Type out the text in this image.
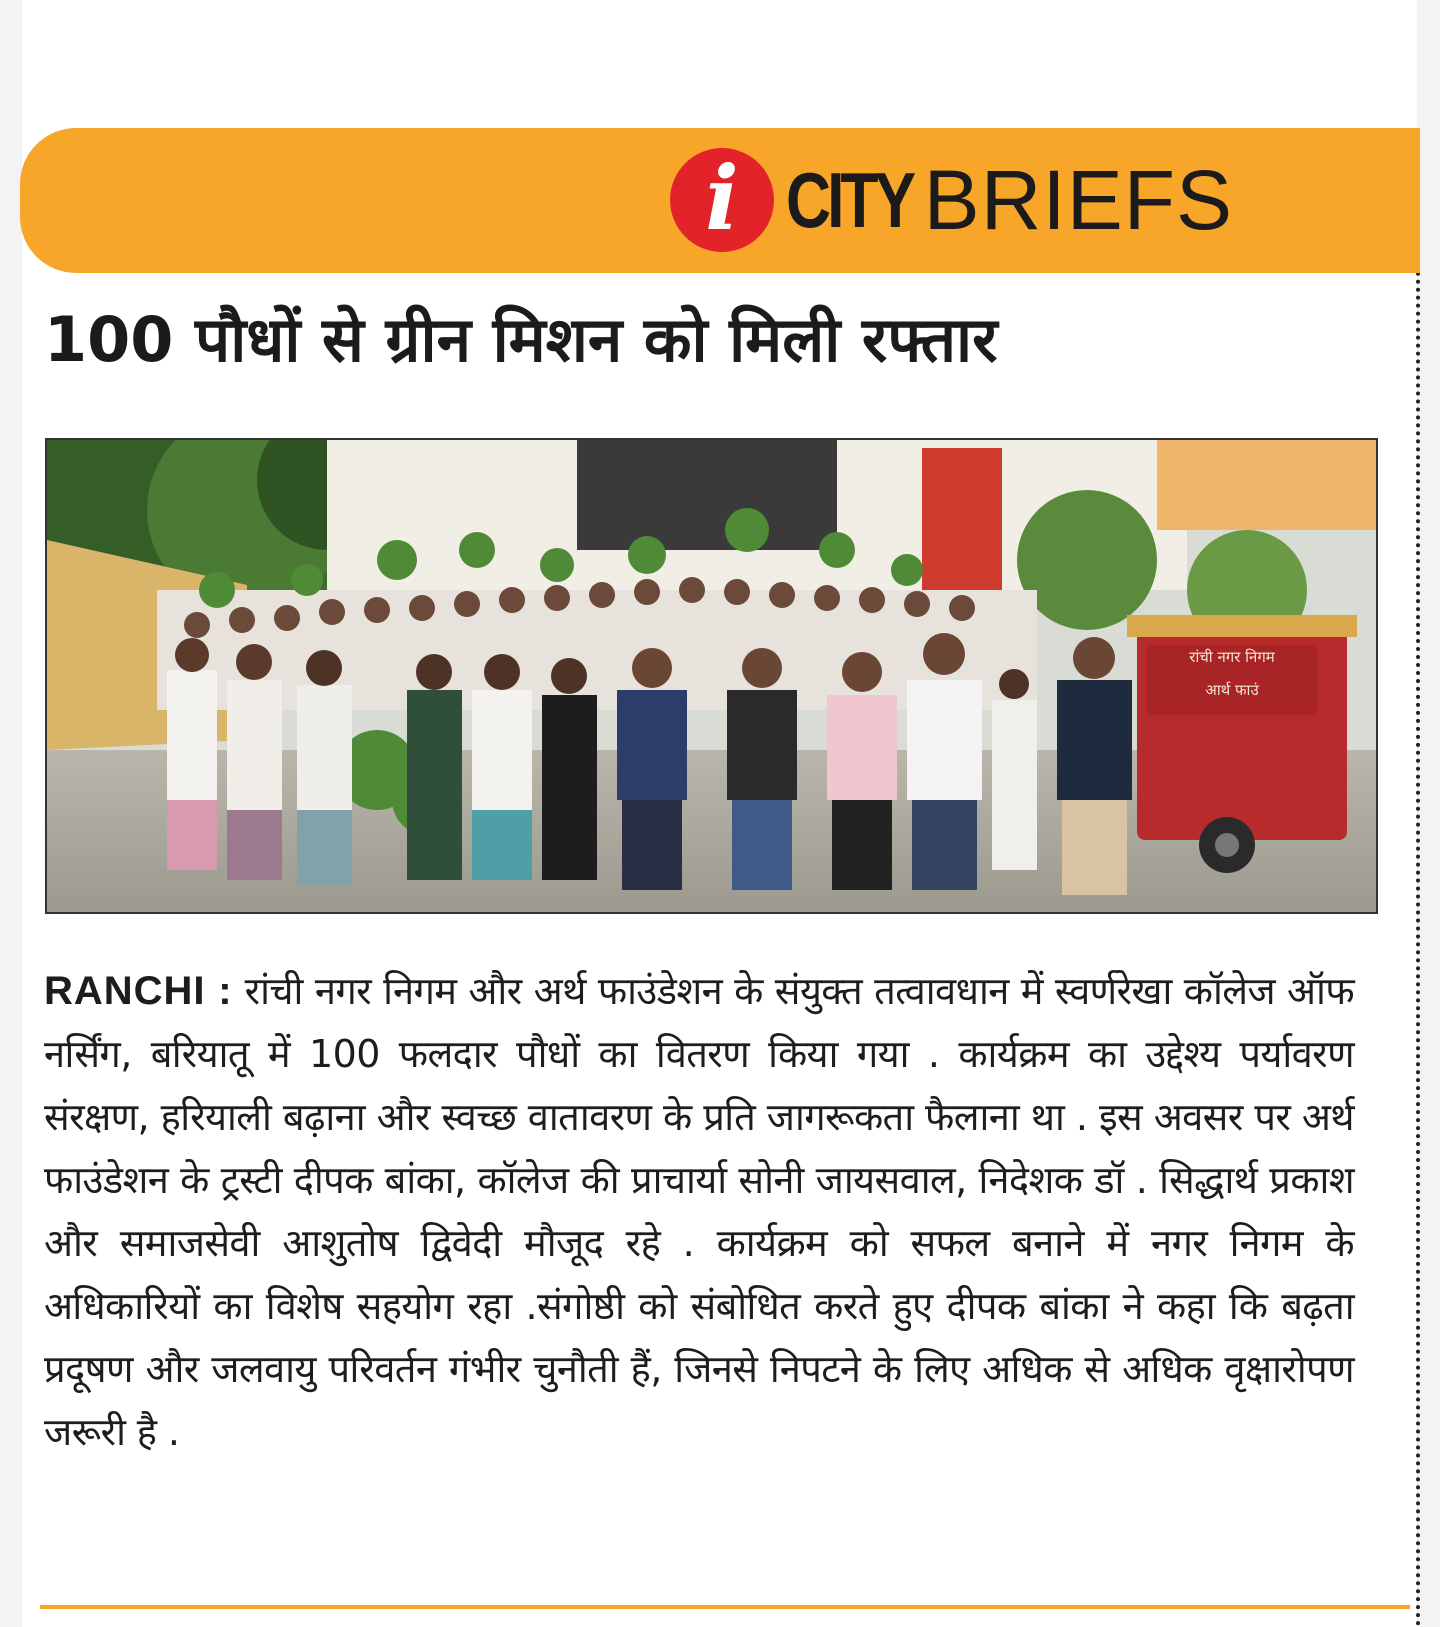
i CITY BRIEFS
100 पौधों से ग्रीन मिशन को मिली रफ्तार
रांची नगर निगम
आर्थ फाउं

RANCHI : रांची नगर निगम और अर्थ फाउंडेशन के संयुक्त तत्वावधान में स्वर्णरेखा कॉलेज ऑफ नर्सिंग, बरियातू में 100 फलदार पौधों का वितरण किया गया . कार्यक्रम का उद्देश्य पर्यावरण संरक्षण, हरियाली बढ़ाना और स्वच्छ वातावरण के प्रति जागरूकता फैलाना था . इस अवसर पर अर्थ फाउंडेशन के ट्रस्टी दीपक बांका, कॉलेज की प्राचार्या सोनी जायसवाल, निदेशक डॉ . सिद्धार्थ प्रकाश और समाजसेवी आशुतोष द्विवेदी मौजूद रहे . कार्यक्रम को सफल बनाने में नगर निगम के अधिकारियों का विशेष सहयोग रहा .संगोष्ठी को संबोधित करते हुए दीपक बांका ने कहा कि बढ़ता प्रदूषण और जलवायु परिवर्तन गंभीर चुनौती हैं, जिनसे निपटने के लिए अधिक से अधिक वृक्षारोपण जरूरी है .
